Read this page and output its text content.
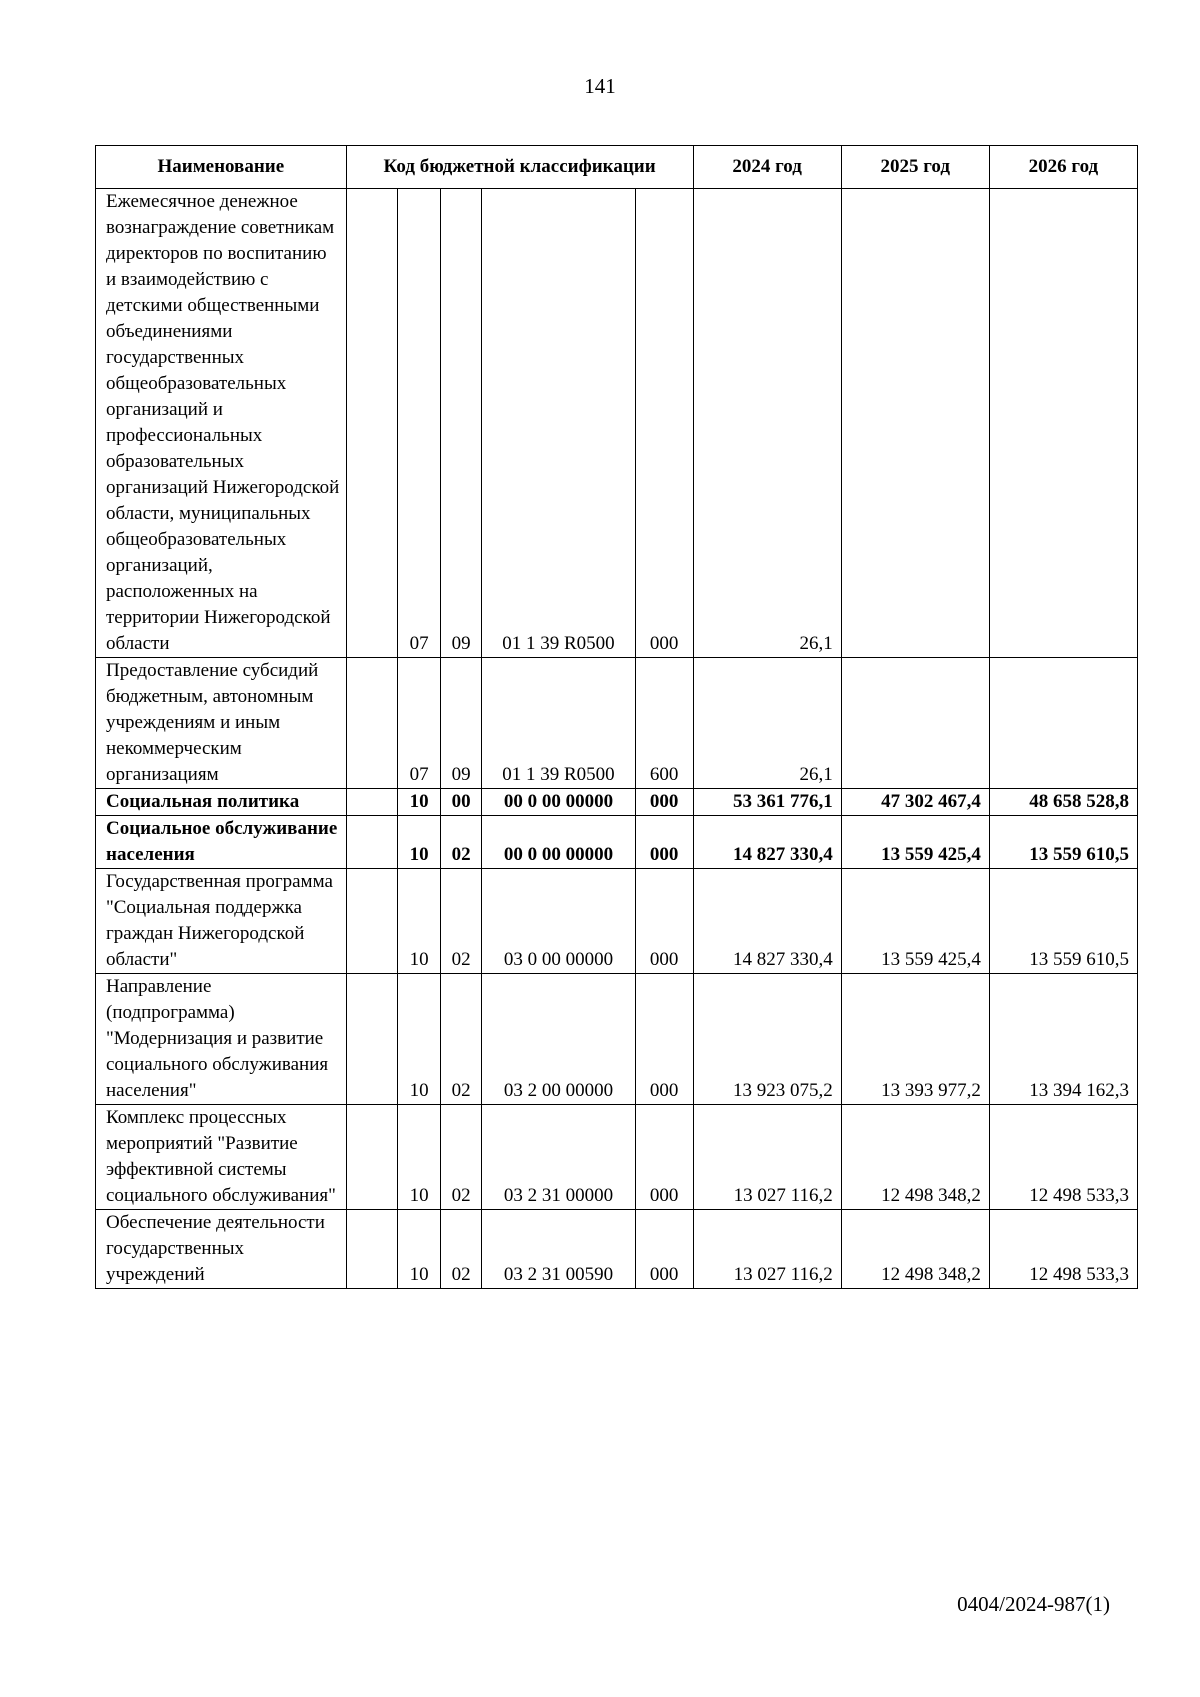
141
Наименование	Код бюджетной классификации					2024 год	2025 год	2026 год
Ежемесячное денежное вознаграждение советникам директоров по воспитанию и взаимодействию с детскими общественными объединениями государственных общеобразовательных организаций и профессиональных образовательных организаций Нижегородской области, муниципальных общеобразовательных организаций, расположенных на территории Нижегородской области		07	09	01 1 39 R0500	000	26,1		
Предоставление субсидий бюджетным, автономным учреждениям и иным некоммерческим организациям		07	09	01 1 39 R0500	600	26,1		
Социальная политика		10	00	00 0 00 00000	000	53 361 776,1	47 302 467,4	48 658 528,8
Социальное обслуживание населения		10	02	00 0 00 00000	000	14 827 330,4	13 559 425,4	13 559 610,5
Государственная программа "Социальная поддержка граждан Нижегородской области"		10	02	03 0 00 00000	000	14 827 330,4	13 559 425,4	13 559 610,5
Направление (подпрограмма) "Модернизация и развитие социального обслуживания населения"		10	02	03 2 00 00000	000	13 923 075,2	13 393 977,2	13 394 162,3
Комплекс процессных мероприятий "Развитие эффективной системы социального обслуживания"		10	02	03 2 31 00000	000	13 027 116,2	12 498 348,2	12 498 533,3
Обеспечение деятельности государственных учреждений		10	02	03 2 31 00590	000	13 027 116,2	12 498 348,2	12 498 533,3
0404/2024-987(1)
